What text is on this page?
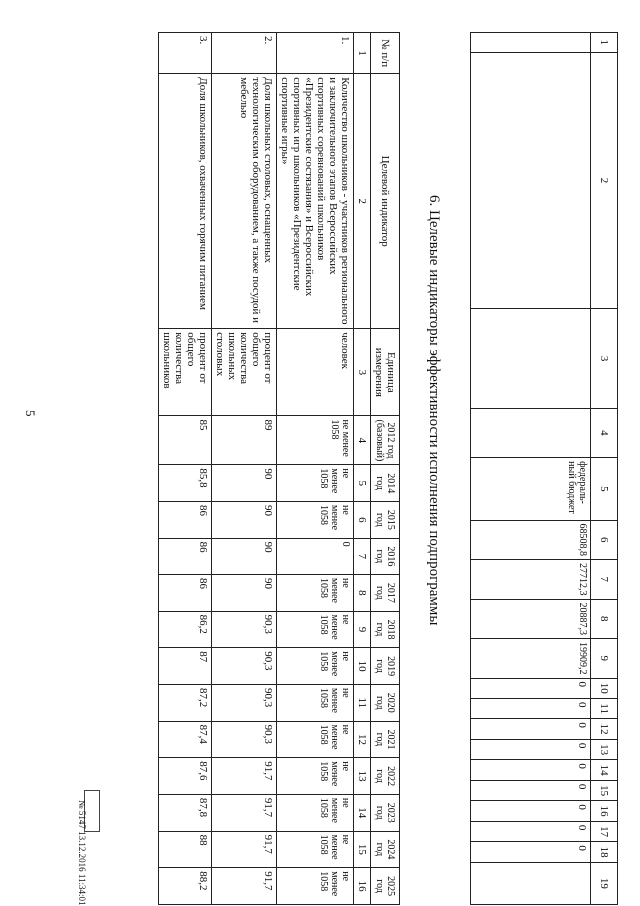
5
1	2	3	4	5	6	7	8	9	10	11	12	13	14	15	16	17	18	19
				федераль-ный бюджет	68508,8	27712,3	20887,3	19909,2	0	0	0	0	0	0	0	0	0	
6. Целевые индикаторы эффективности исполнения подпрограммы
№ п/п	Целевой индикатор	Единица измерения	2012 год (базовый)	2014 год	2015 год	2016 год	2017 год	2018 год	2019 год	2020 год	2021 год	2022 год	2023 год	2024 год	2025 год
1	2	3	4	5	6	7	8	9	10	11	12	13	14	15	16
1.	Количество школьников - участников регионального и заключительного этапов Всероссийских спортивных соревнований школьников «Президентские состязания» и Всероссийских спортивных игр школьников «Президентские спортивные игры»	человек	не менее 1058	не менее 1058	не менее 1058	0	не менее 1058	не менее 1058	не менее 1058	не менее 1058	не менее 1058	не менее 1058	не менее 1058	не менее 1058	не менее 1058
2.	Доля школьных столовых, оснащенных технологическим оборудованием, а также посудой и мебелью	процент от общего количества школьных столовых	89	90	90	90	90	90,3	90,3	90,3	90,3	91,7	91,7	91,7	91,7
3.	Доля школьников, охваченных горячим питанием	процент от общего количества школьников	85	85,8	86	86	86	86,2	87	87,2	87,4	87,6	87,8	88	88,2
№ 5147 13.12.2016 11:34:01
